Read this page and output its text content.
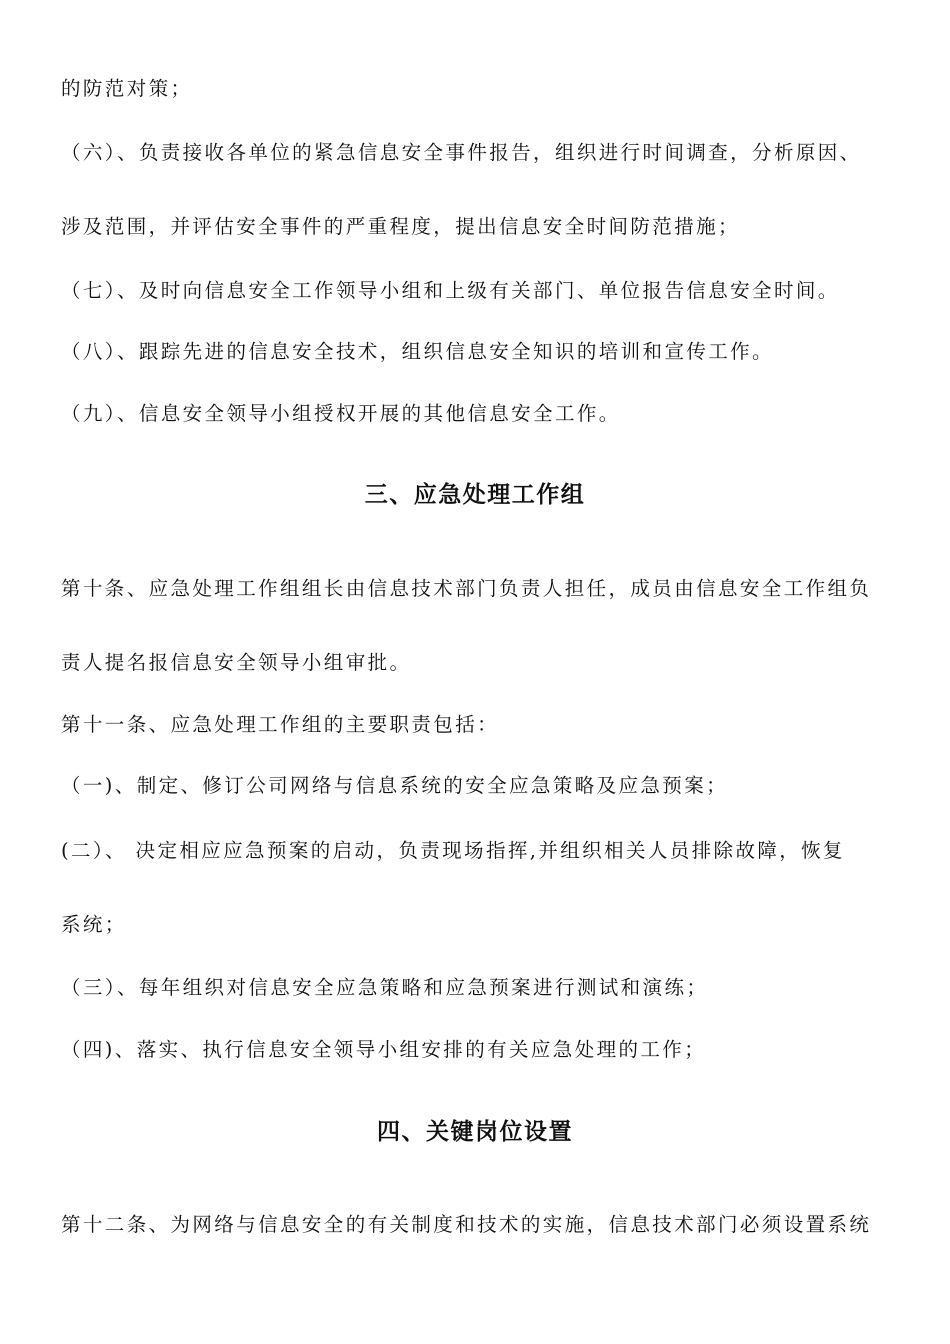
的防范对策；
（六）、负责接收各单位的紧急信息安全事件报告，组织进行时间调查，分析原因、
涉及范围，并评估安全事件的严重程度，提出信息安全时间防范措施；
（七）、及时向信息安全工作领导小组和上级有关部门、单位报告信息安全时间。
（八）、跟踪先进的信息安全技术，组织信息安全知识的培训和宣传工作。
（九）、信息安全领导小组授权开展的其他信息安全工作。
三、应急处理工作组
第十条、应急处理工作组组长由信息技术部门负责人担任，成员由信息安全工作组负
责人提名报信息安全领导小组审批。
第十一条、应急处理工作组的主要职责包括：
（一)、制定、修订公司网络与信息系统的安全应急策略及应急预案；
(二）、 决定相应应急预案的启动，负责现场指挥,并组织相关人员排除故障，恢复
系统；
（三）、每年组织对信息安全应急策略和应急预案进行测试和演练；
（四)、落实、执行信息安全领导小组安排的有关应急处理的工作；
四、关键岗位设置
第十二条、为网络与信息安全的有关制度和技术的实施，信息技术部门必须设置系统
